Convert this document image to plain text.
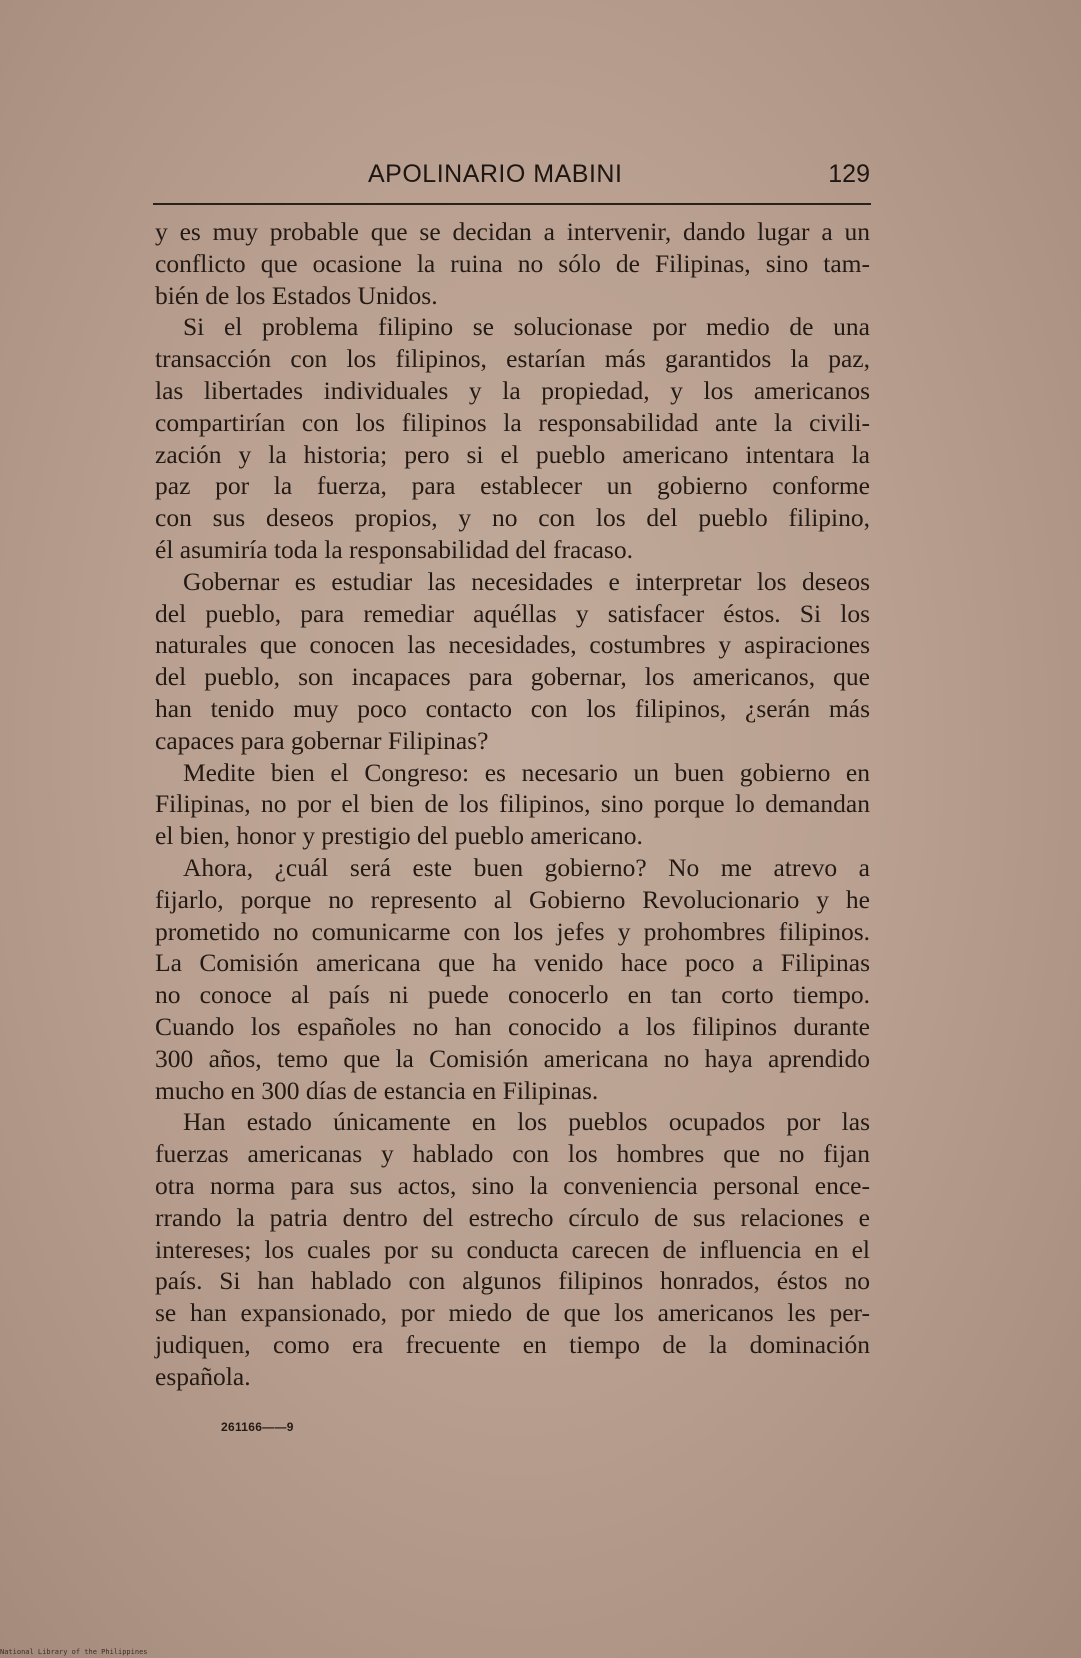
APOLINARIO MABINI	129
y es muy probable que se decidan a intervenir, dando lugar a un
conflicto que ocasione la ruina no sólo de Filipinas, sino tam-
bién de los Estados Unidos.
Si el problema filipino se solucionase por medio de una
transacción con los filipinos, estarían más garantidos la paz,
las libertades individuales y la propiedad, y los americanos
compartirían con los filipinos la responsabilidad ante la civili-
zación y la historia; pero si el pueblo americano intentara la
paz por la fuerza, para establecer un gobierno conforme
con sus deseos propios, y no con los del pueblo filipino,
él asumiría toda la responsabilidad del fracaso.
Gobernar es estudiar las necesidades e interpretar los deseos
del pueblo, para remediar aquéllas y satisfacer éstos. Si los
naturales que conocen las necesidades, costumbres y aspiraciones
del pueblo, son incapaces para gobernar, los americanos, que
han tenido muy poco contacto con los filipinos, ¿serán más
capaces para gobernar Filipinas?
Medite bien el Congreso: es necesario un buen gobierno en
Filipinas, no por el bien de los filipinos, sino porque lo demandan
el bien, honor y prestigio del pueblo americano.
Ahora, ¿cuál será este buen gobierno? No me atrevo a
fijarlo, porque no represento al Gobierno Revolucionario y he
prometido no comunicarme con los jefes y prohombres filipinos.
La Comisión americana que ha venido hace poco a Filipinas
no conoce al país ni puede conocerlo en tan corto tiempo.
Cuando los españoles no han conocido a los filipinos durante
300 años, temo que la Comisión americana no haya aprendido
mucho en 300 días de estancia en Filipinas.
Han estado únicamente en los pueblos ocupados por las
fuerzas americanas y hablado con los hombres que no fijan
otra norma para sus actos, sino la conveniencia personal ence-
rrando la patria dentro del estrecho círculo de sus relaciones e
intereses; los cuales por su conducta carecen de influencia en el
país. Si han hablado con algunos filipinos honrados, éstos no
se han expansionado, por miedo de que los americanos les per-
judiquen, como era frecuente en tiempo de la dominación
española.
261166——9
National Library of the Philippines
